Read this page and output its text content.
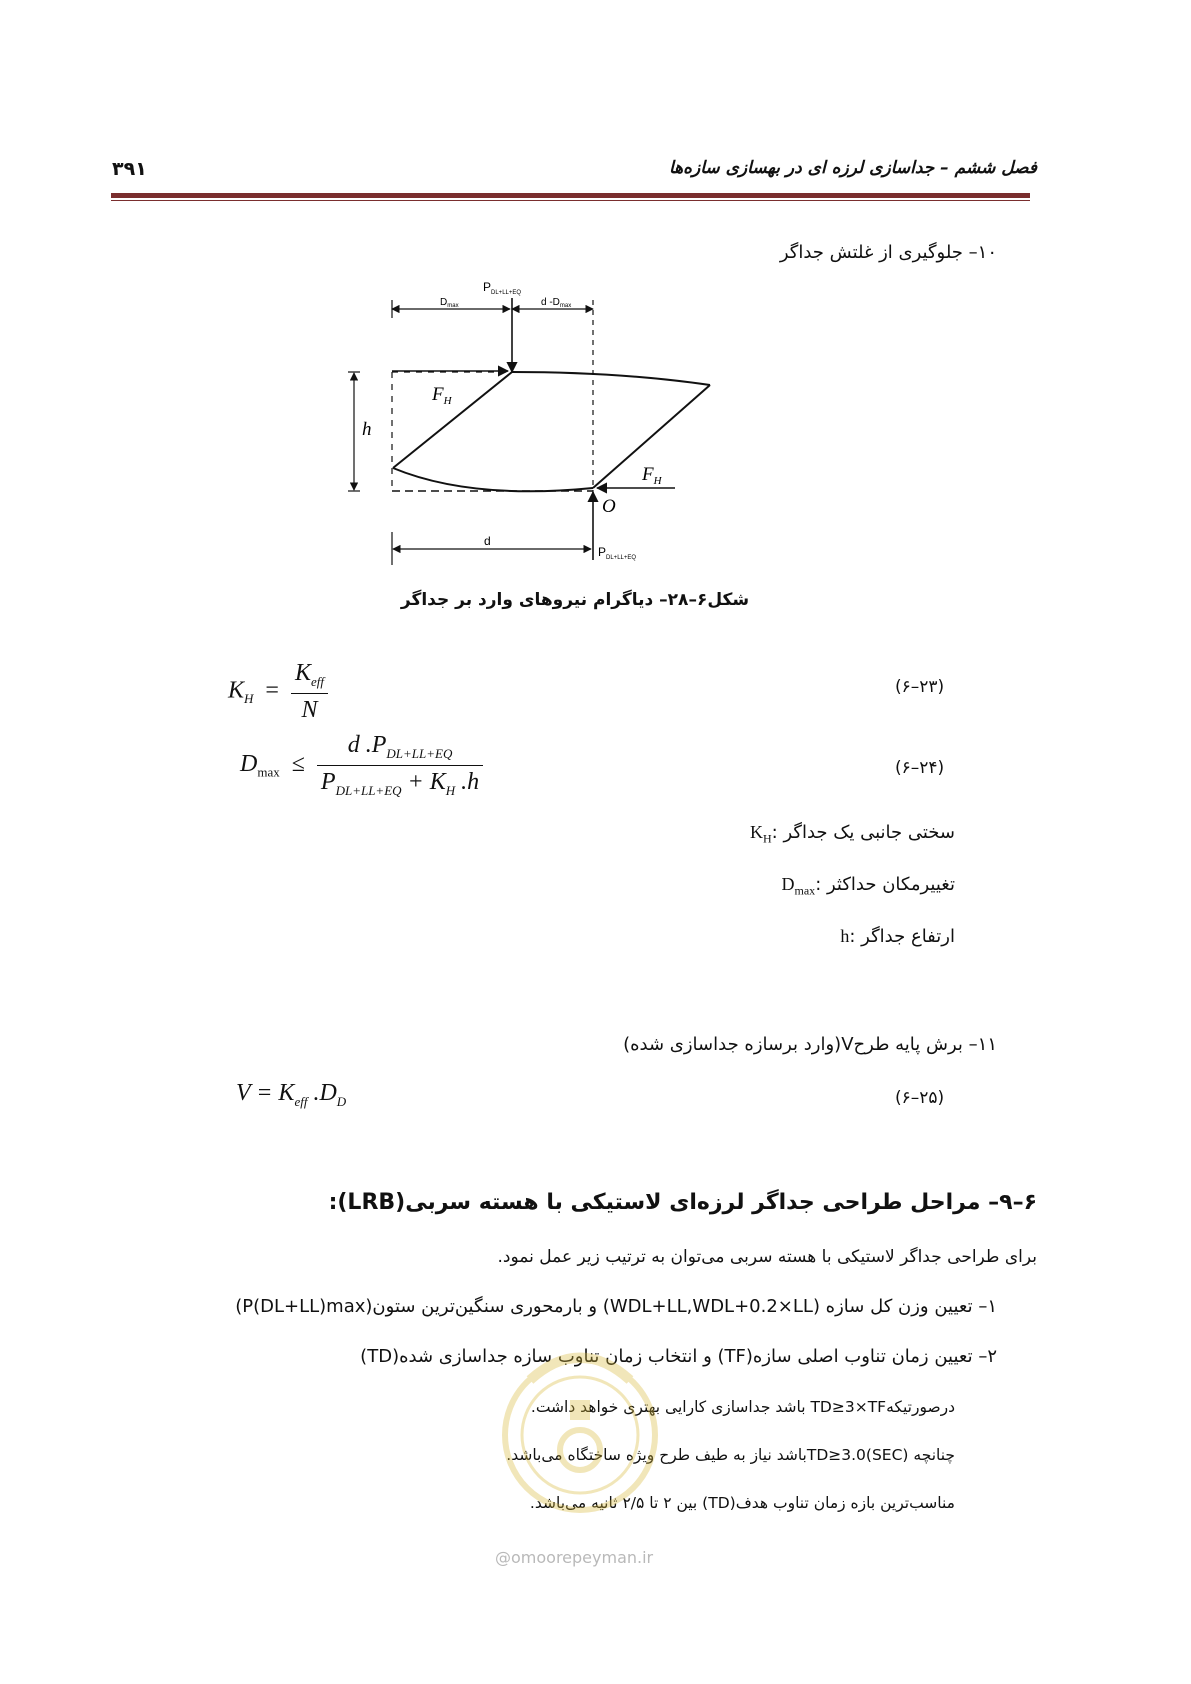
فصل ششم – جداسازی لرزه ای در بهسازی سازه‌ها
۳۹۱
۱۰– جلوگیری از غلتش جداگر
$P_{DL+LL+EQ}$
$D_{max}$	d $-D_{max}$
$F_H$
$F_H$
h
O
d
$P_{DL+LL+EQ}$
شکل۶–۲۸– دیاگرام نیروهای وارد بر جداگر
$K_H = \frac{K_{eff}}{N}$	(۶–۲۳)
$D_{max} \le \frac{d .P_{DL+LL+EQ}}{P_{DL+LL+EQ} + K_H .h}$	(۶–۲۴)
$K_H$: سختی جانبی یک جداگر
$D_{max}$: تغییرمکان حداکثر
h: ارتفاع جداگر
۱۱– برش پایه طرحV(وارد برسازه جداسازی شده)
$V = K_{eff}$ $.D_D$	(۶–۲۵)
۶–۹– مراحل طراحی جداگر لرزه‌ای لاستیکی با هسته سربی(LRB):
برای طراحی جداگر لاستیکی با هسته سربی می‌توان به ترتیب زیر عمل نمود.
۱– تعیین وزن کل سازه (WDL+LL,WDL+0.2×LL) و بارمحوری سنگین‌ترین ستون(P(DL+LL)max)
۲– تعیین زمان تناوب اصلی سازه(TF) و انتخاب زمان تناوب سازه جداسازی شده(TD)
درصورتیکهTD≥3×TF باشد جداسازی کارایی بهتری خواهد داشت.
چنانچه TD≥3.0(SEC)باشد نیاز به طیف طرح ویژه ساختگاه می‌باشد.
مناسب‌ترین بازه زمان تناوب هدف(TD) بین ۲ تا ۲/۵ ثانیه می‌باشد.
@omoorepeyman.ir
